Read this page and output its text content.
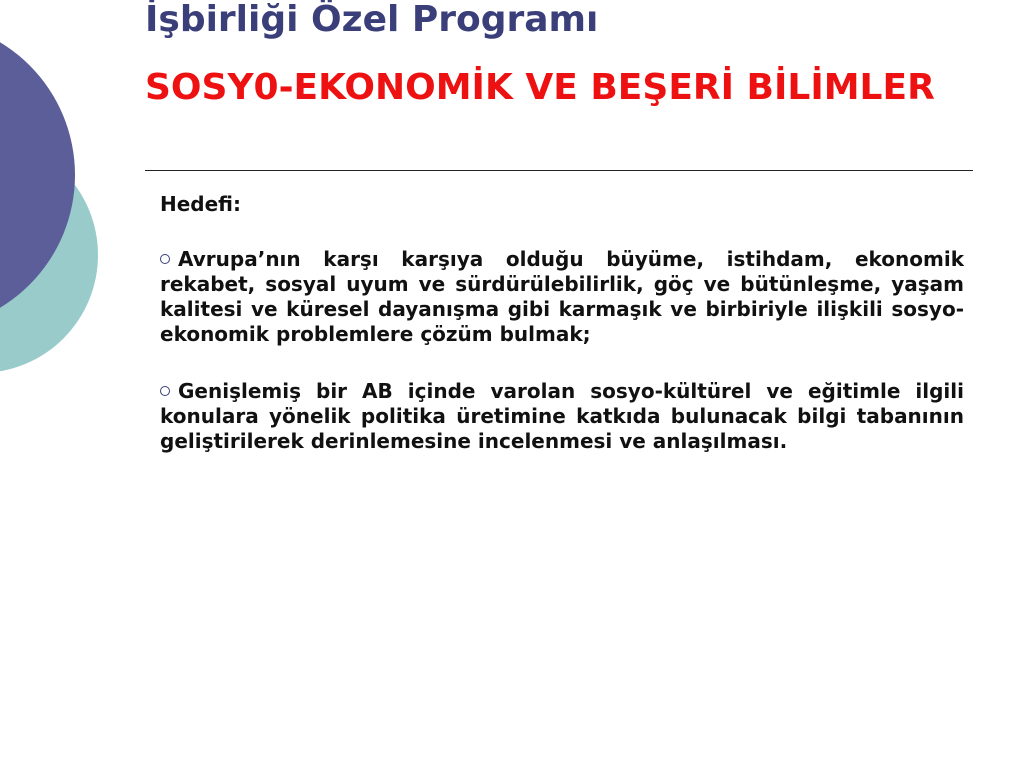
İşbirliği Özel Programı
SOSY0-EKONOMİK VE BEŞERİ BİLİMLER

Hedefi:

Avrupa’nın karşı karşıya olduğu büyüme, istihdam, ekonomik rekabet, sosyal uyum ve sürdürülebilirlik, göç ve bütünleşme, yaşam kalitesi ve küresel dayanışma gibi karmaşık ve birbiriyle ilişkili sosyo-ekonomik problemlere çözüm bulmak;

Genişlemiş bir AB içinde varolan sosyo-kültürel ve eğitimle ilgili konulara yönelik politika üretimine katkıda bulunacak bilgi tabanının geliştirilerek derinlemesine incelenmesi ve anlaşılması.
